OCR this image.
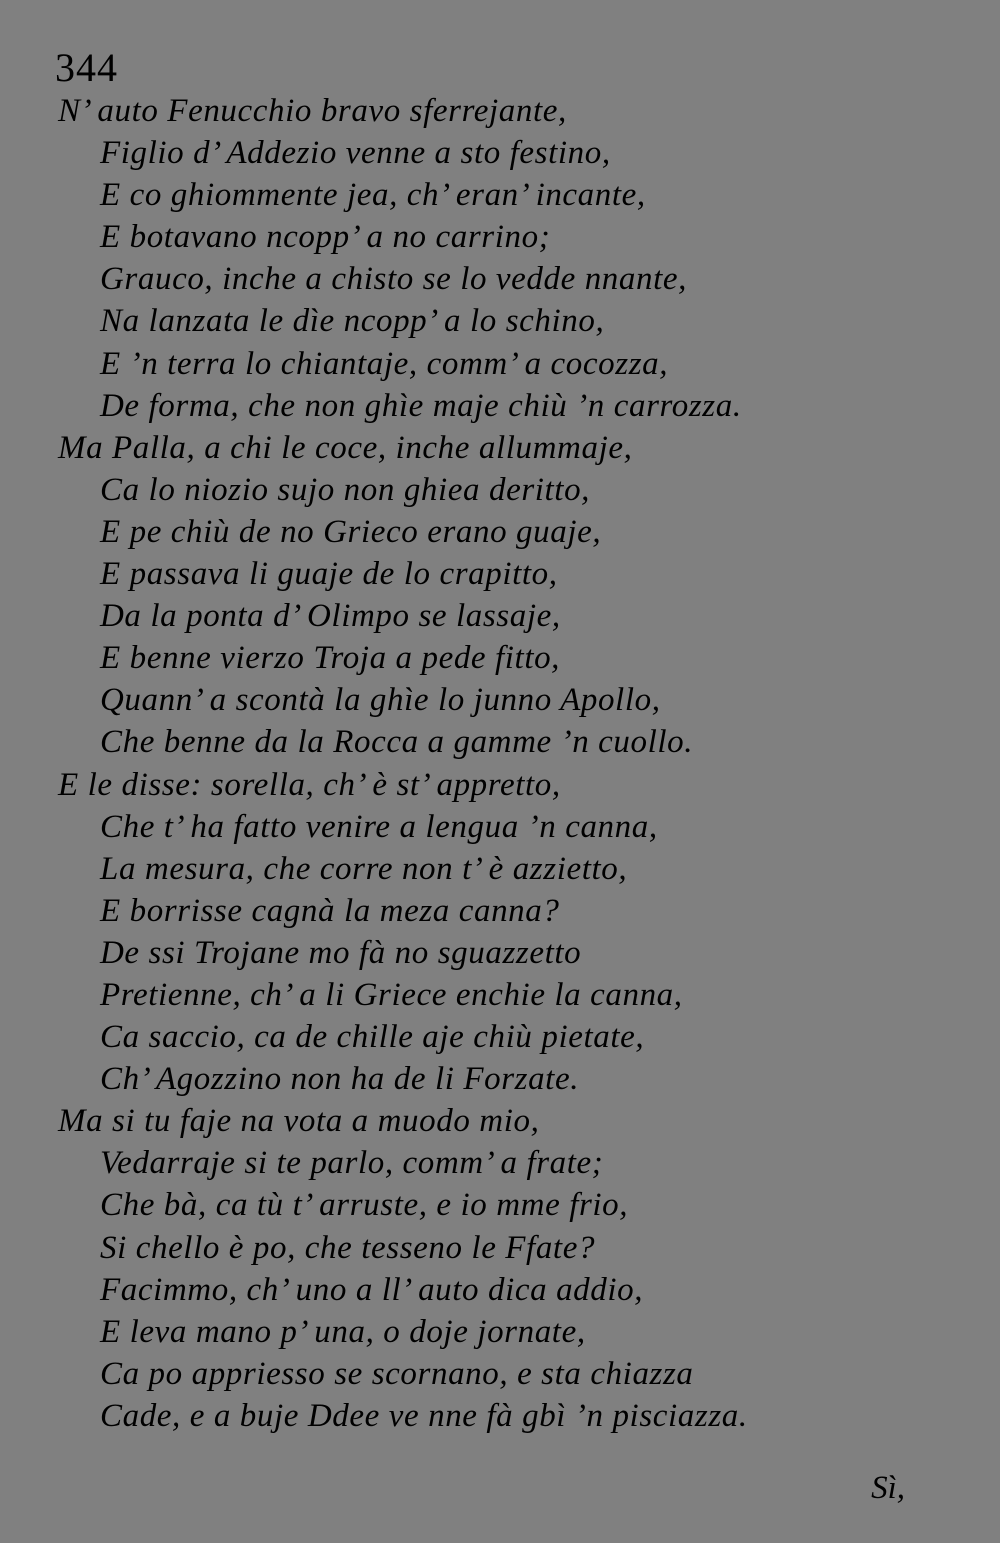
344
N’ auto Fenucchio bravo sferrejante,
Figlio d’ Addezio venne a sto festino,
E co ghiommente jea, ch’ eran’ incante,
E botavano ncopp’ a no carrino;
Grauco, inche a chisto se lo vedde nnante,
Na lanzata le dìe ncopp’ a lo schino,
E ’n terra lo chiantaje, comm’ a cocozza,
De forma, che non ghìe maje chiù ’n carrozza.
Ma Palla, a chi le coce, inche allummaje,
Ca lo niozio sujo non ghiea deritto,
E pe chiù de no Grieco erano guaje,
E passava li guaje de lo crapitto,
Da la ponta d’ Olimpo se lassaje,
E benne vierzo Troja a pede fitto,
Quann’ a scontà la ghìe lo junno Apollo,
Che benne da la Rocca a gamme ’n cuollo.
E le disse: sorella, ch’ è st’ appretto,
Che t’ ha fatto venire a lengua ’n canna,
La mesura, che corre non t’ è azzietto,
E borrisse cagnà la meza canna?
De ssi Trojane mo fà no sguazzetto
Pretienne, ch’ a li Griece enchie la canna,
Ca saccio, ca de chille aje chiù pietate,
Ch’ Agozzino non ha de li Forzate.
Ma si tu faje na vota a muodo mio,
Vedarraje si te parlo, comm’ a frate;
Che bà, ca tù t’ arruste, e io mme frio,
Si chello è po, che tesseno le Ffate?
Facimmo, ch’ uno a ll’ auto dica addio,
E leva mano p’ una, o doje jornate,
Ca po appriesso se scornano, e sta chiazza
Cade, e a buje Ddee ve nne fà gbì ’n pisciazza.
Sì,
